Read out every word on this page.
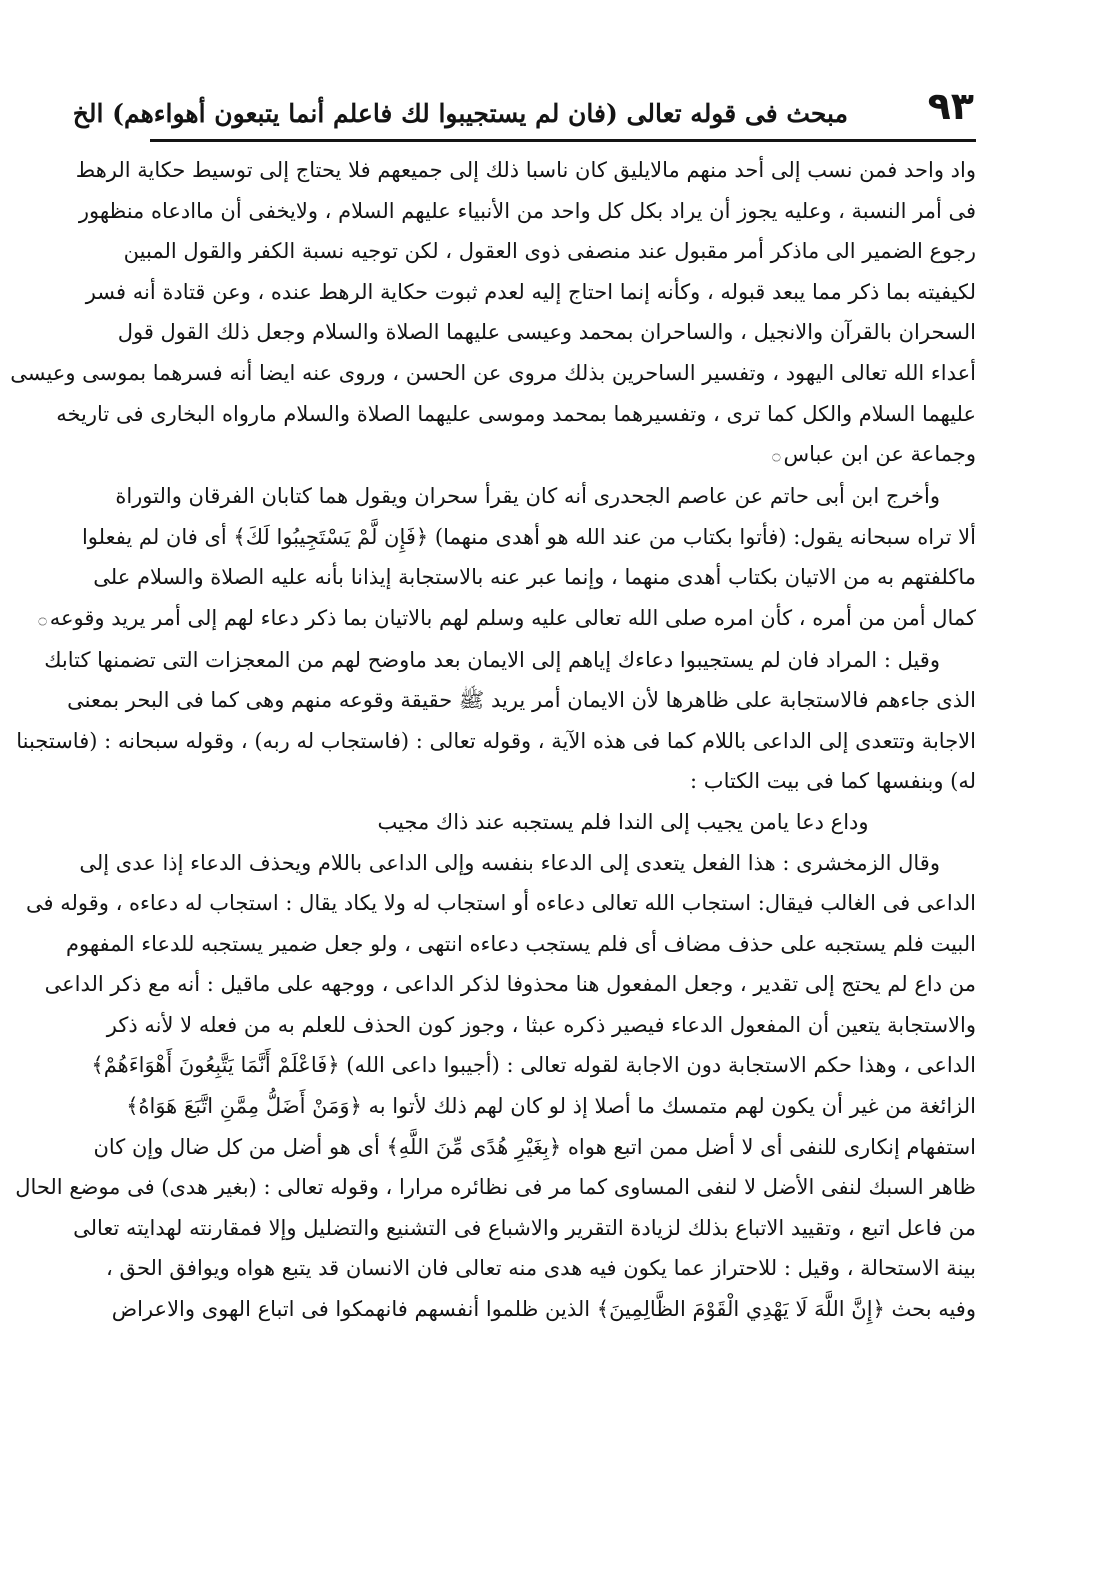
٩٣
مبحث فی قوله تعالى (فان لم يستجيبوا لك فاعلم أنما يتبعون أهواءهم) الخ

واد واحد فمن نسب إلى أحد منهم مالايليق كان ناسبا ذلك إلى جميعهم فلا يحتاج إلى توسيط حكاية الرهط
فى أمر النسبة ، وعليه يجوز أن يراد بكل كل واحد من الأنبياء عليهم السلام ، ولايخفى أن ماادعاه منظهور
رجوع الضمير الى ماذكر أمر مقبول عند منصفى ذوى العقول ، لكن توجيه نسبة الكفر والقول المبين
لكيفيته بما ذكر مما يبعد قبوله ، وكأنه إنما احتاج إليه لعدم ثبوت حكاية الرهط عنده ، وعن قتادة أنه فسر
السحران بالقرآن والانجيل ، والساحران بمحمد وعيسى عليهما الصلاة والسلام وجعل ذلك القول قول
أعداء الله تعالى اليهود ، وتفسير الساحرين بذلك مروى عن الحسن ، وروى عنه ايضا أنه فسرهما بموسى وعيسى
عليهما السلام والكل كما ترى ، وتفسيرهما بمحمد وموسى عليهما الصلاة والسلام مارواه البخارى فى تاريخه
وجماعة عن ابن عباس۝

وأخرج ابن أبى حاتم عن عاصم الجحدرى أنه كان يقرأ سحران ويقول هما كتابان الفرقان والتوراة
ألا تراه سبحانه يقول: (فأتوا بكتاب من عند الله هو أهدى منهما) ﴿فَإِن لَّمْ يَسْتَجِيبُوا لَكَ﴾ أى فان لم يفعلوا
ماكلفتهم به من الاتيان بكتاب أهدى منهما ، وإنما عبر عنه بالاستجابة إيذانا بأنه عليه الصلاة والسلام على
كمال أمن من أمره ، كأن امره صلى الله تعالى عليه وسلم لهم بالاتيان بما ذكر دعاء لهم إلى أمر يريد وقوعه۝

وقيل : المراد فان لم يستجيبوا دعاءك إياهم إلى الايمان بعد ماوضح لهم من المعجزات التى تضمنها كتابك
الذى جاءهم فالاستجابة على ظاهرها لأن الايمان أمر يريد ﷺ حقيقة وقوعه منهم وهى كما فى البحر بمعنى
الاجابة وتتعدى إلى الداعى باللام كما فى هذه الآية ، وقوله تعالى : (فاستجاب له ربه) ، وقوله سبحانه : (فاستجبنا
له) وبنفسها كما فى بيت الكتاب :

وداع دعا يامن يجيب إلى الندا فلم يستجبه عند ذاك مجيب

وقال الزمخشرى : هذا الفعل يتعدى إلى الدعاء بنفسه وإلى الداعى باللام ويحذف الدعاء إذا عدى إلى
الداعى فى الغالب فيقال: استجاب الله تعالى دعاءه أو استجاب له ولا يكاد يقال : استجاب له دعاءه ، وقوله فى
البيت فلم يستجبه على حذف مضاف أى فلم يستجب دعاءه انتهى ، ولو جعل ضمير يستجبه للدعاء المفهوم
من داع لم يحتج إلى تقدير ، وجعل المفعول هنا محذوفا لذكر الداعى ، ووجهه على ماقيل : أنه مع ذكر الداعى
والاستجابة يتعين أن المفعول الدعاء فيصير ذكره عبثا ، وجوز كون الحذف للعلم به من فعله لا لأنه ذكر
الداعى ، وهذا حكم الاستجابة دون الاجابة لقوله تعالى : (أجيبوا داعى الله) ﴿فَاعْلَمْ أَنَّمَا يَتَّبِعُونَ أَهْوَاءَهُمْ﴾
الزائغة من غير أن يكون لهم متمسك ما أصلا إذ لو كان لهم ذلك لأتوا به ﴿وَمَنْ أَضَلُّ مِمَّنِ اتَّبَعَ هَوَاهُ﴾
استفهام إنكارى للنفى أى لا أضل ممن اتبع هواه ﴿بِغَيْرِ هُدًى مِّنَ اللَّهِ﴾ أى هو أضل من كل ضال وإن كان
ظاهر السبك لنفى الأضل لا لنفى المساوى كما مر فى نظائره مرارا ، وقوله تعالى : (بغير هدى) فى موضع الحال
من فاعل اتبع ، وتقييد الاتباع بذلك لزيادة التقرير والاشباع فى التشنيع والتضليل وإلا فمقارنته لهدايته تعالى
بينة الاستحالة ، وقيل : للاحتراز عما يكون فيه هدى منه تعالى فان الانسان قد يتبع هواه ويوافق الحق ،
وفيه بحث ﴿إِنَّ اللَّهَ لَا يَهْدِي الْقَوْمَ الظَّالِمِينَ﴾ الذين ظلموا أنفسهم فانهمكوا فى اتباع الهوى والاعراض
